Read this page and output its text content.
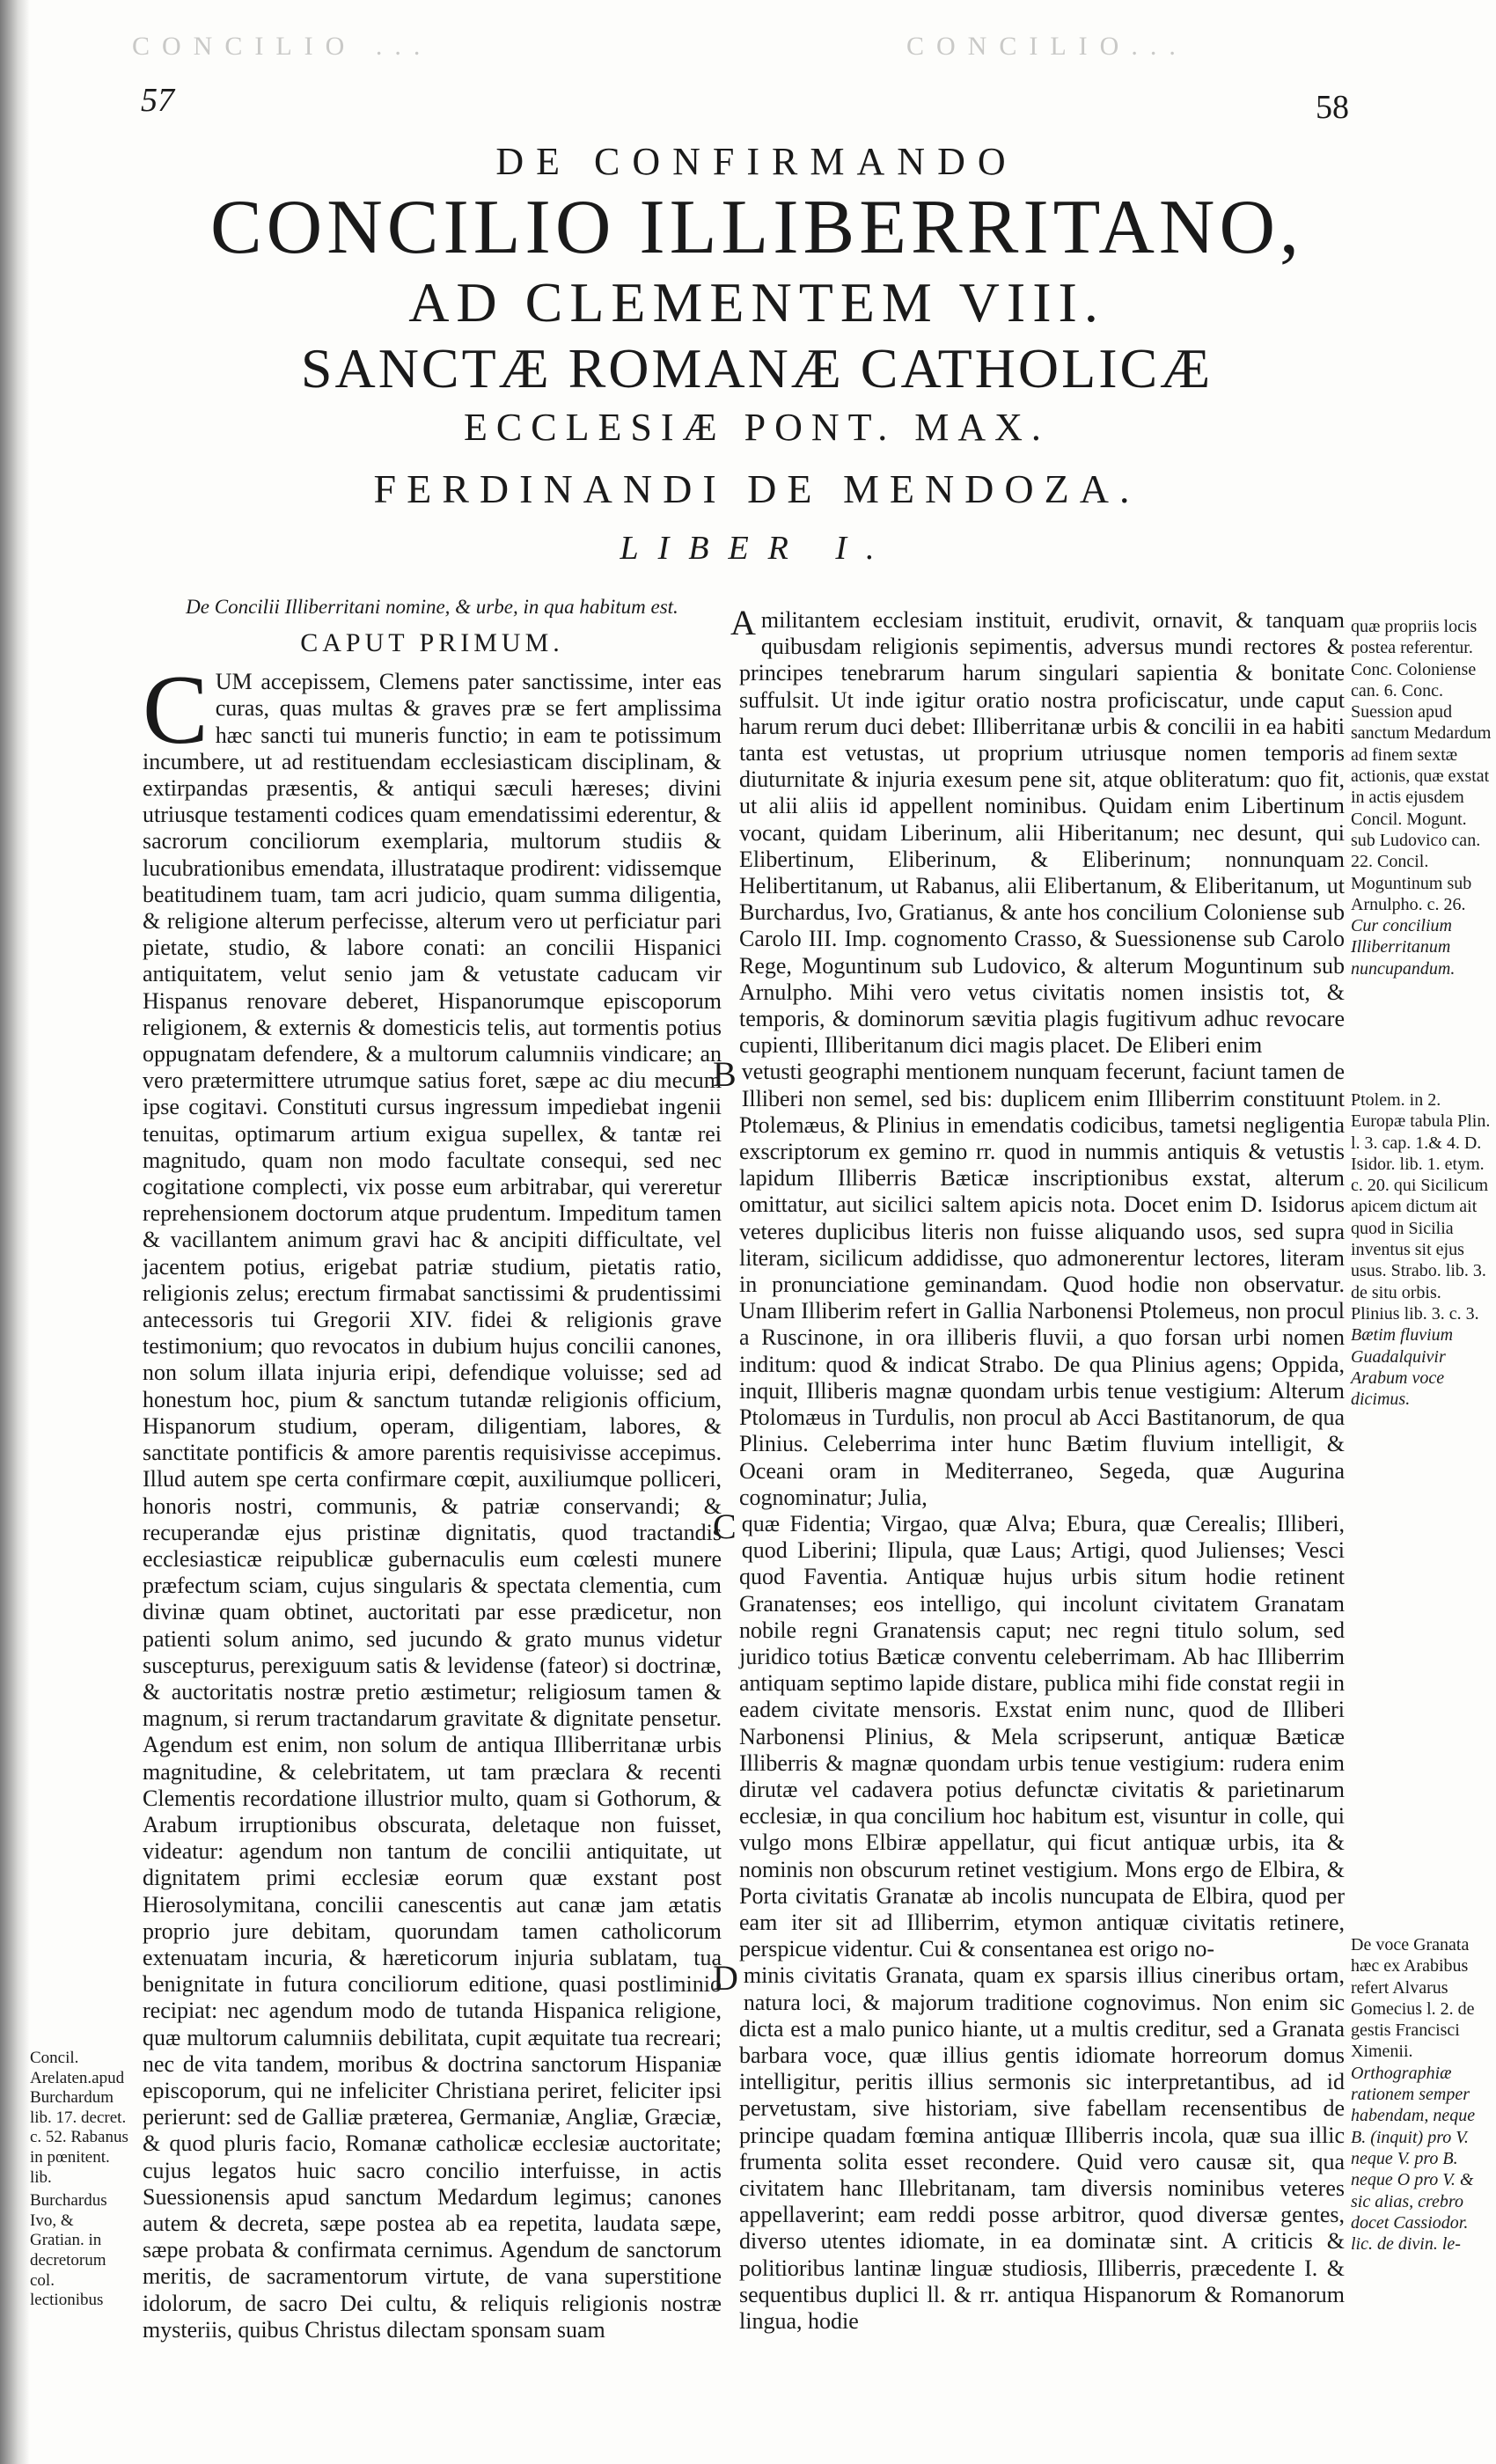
CONCILIO ...	CONCILIO...
57	58
DE CONFIRMANDO
CONCILIO ILLIBERRITANO,
AD CLEMENTEM VIII.
SANCTÆ ROMANÆ CATHOLICÆ
ECCLESIÆ PONT. MAX.
FERDINANDI DE MENDOZA.
LIBER I.
De Concilii Illiberritani nomine, & urbe, in qua habitum est.
CAPUT PRIMUM.

CUM accepissem, Clemens pater sanctissime, inter eas curas, quas multas & graves præ se fert amplissima hæc sancti tui muneris functio; in eam te potissimum incumbere, ut ad restituendam ecclesiasticam disciplinam, & extirpandas præsentis, & antiqui sæculi hæreses; divini utriusque testamenti codices quam emendatissimi ederentur, & sacrorum conciliorum exemplaria, multorum studiis & lucubrationibus emendata, illustrataque prodirent: vidissemque beatitudinem tuam, tam acri judicio, quam summa diligentia, & religione alterum perfecisse, alterum vero ut perficiatur pari pietate, studio, & labore conati: an concilii Hispanici antiquitatem, velut senio jam & vetustate caducam vir Hispanus renovare deberet, Hispanorumque episcoporum religionem, & externis & domesticis telis, aut tormentis potius oppugnatam defendere, & a multorum calumniis vindicare; an vero prætermittere utrumque satius foret, sæpe ac diu mecum ipse cogitavi. Constituti cursus ingressum impediebat ingenii tenuitas, optimarum artium exigua supellex, & tantæ rei magnitudo, quam non modo facultate consequi, sed nec cogitatione complecti, vix posse eum arbitrabar, qui vereretur reprehensionem doctorum atque prudentum. Impeditum tamen & vacillantem animum gravi hac & ancipiti difficultate, vel jacentem potius, erigebat patriæ studium, pietatis ratio, religionis zelus; erectum firmabat sanctissimi & prudentissimi antecessoris tui Gregorii XIV. fidei & religionis grave testimonium; quo revocatos in dubium hujus concilii canones, non solum illata injuria eripi, defendique voluisse; sed ad honestum hoc, pium & sanctum tutandæ religionis officium, Hispanorum studium, operam, diligentiam, labores, & sanctitate pontificis & amore parentis requisivisse accepimus. Illud autem spe certa confirmare cœpit, auxiliumque polliceri, honoris nostri, communis, & patriæ conservandi; & recuperandæ ejus pristinæ dignitatis, quod tractandis ecclesiasticæ reipublicæ gubernaculis eum cœlesti munere præfectum sciam, cujus singularis & spectata clementia, cum divinæ quam obtinet, auctoritati par esse prædicetur, non patienti solum animo, sed jucundo & grato munus videtur suscepturus, perexiguum satis & levidense (fateor) si doctrinæ, & auctoritatis nostræ pretio æstimetur; religiosum tamen & magnum, si rerum tractandarum gravitate & dignitate pensetur. Agendum est enim, non solum de antiqua Illiberritanæ urbis magnitudine, & celebritatem, ut tam præclara & recenti Clementis recordatione illustrior multo, quam si Gothorum, & Arabum irruptionibus obscurata, deletaque non fuisset, videatur: agendum non tantum de concilii antiquitate, ut dignitatem primi ecclesiæ eorum quæ exstant post Hierosolymitana, concilii canescentis aut canæ jam ætatis proprio jure debitam, quorundam tamen catholicorum extenuatam incuria, & hæreticorum injuria sublatam, tua benignitate in futura conciliorum editione, quasi postliminio recipiat: nec agendum modo de tutanda Hispanica religione, quæ multorum calumniis debilitata, cupit æquitate tua recreari; nec de vita tandem, moribus & doctrina sanctorum Hispaniæ episcoporum, qui ne infeliciter Christiana periret, feliciter ipsi perierunt: sed de Galliæ præterea, Germaniæ, Angliæ, Græciæ, & quod pluris facio, Romanæ catholicæ ecclesiæ auctoritate; cujus legatos huic sacro concilio interfuisse, in actis Suessionensis apud sanctum Medardum legimus; canones autem & decreta, sæpe postea ab ea repetita, laudata sæpe, sæpe probata & confirmata cernimus. Agendum de sanctorum meritis, de sacramentorum virtute, de vana superstitione idolorum, de sacro Dei cultu, & reliquis religionis nostræ mysteriis, quibus Christus dilectam sponsam suam

Concil. Arelaten.apud Burchardum lib. 17. decret. c. 52. Rabanus in pœnitent. lib.
Burchardus Ivo, & Gratian. in decretorum col. lectionibus

Amilitantem ecclesiam instituit, erudivit, ornavit, & tanquam quibusdam religionis sepimentis, adversus mundi rectores & principes tenebrarum harum singulari sapientia & bonitate suffulsit. Ut inde igitur oratio nostra proficiscatur, unde caput harum rerum duci debet: Illiberritanæ urbis & concilii in ea habiti tanta est vetustas, ut proprium utriusque nomen temporis diuturnitate & injuria exesum pene sit, atque obliteratum: quo fit, ut alii aliis id appellent nominibus. Quidam enim Libertinum vocant, quidam Liberinum, alii Hiberitanum; nec desunt, qui Elibertinum, Eliberinum, & Eliberinum; nonnunquam Helibertitanum, ut Rabanus, alii Elibertanum, & Eliberitanum, ut Burchardus, Ivo, Gratianus, & ante hos concilium Coloniense sub Carolo III. Imp. cognomento Crasso, & Suessionense sub Carolo Rege, Moguntinum sub Ludovico, & alterum Moguntinum sub Arnulpho. Mihi vero vetus civitatis nomen insistis tot, & temporis, & dominorum sævitia plagis fugitivum adhuc revocare cupienti, Illiberitanum dici magis placet. De Eliberi enim

Bvetusti geographi mentionem nunquam fecerunt, faciunt tamen de Illiberi non semel, sed bis: duplicem enim Illiberrim constituunt Ptolemæus, & Plinius in emendatis codicibus, tametsi negligentia exscriptorum ex gemino rr. quod in nummis antiquis & vetustis lapidum Illiberris Bæticæ inscriptionibus exstat, alterum omittatur, aut sicilici saltem apicis nota. Docet enim D. Isidorus veteres duplicibus literis non fuisse aliquando usos, sed supra literam, sicilicum addidisse, quo admonerentur lectores, literam in pronunciatione geminandam. Quod hodie non observatur. Unam Illiberim refert in Gallia Narbonensi Ptolemeus, non procul a Ruscinone, in ora illiberis fluvii, a quo forsan urbi nomen inditum: quod & indicat Strabo. De qua Plinius agens; Oppida, inquit, Illiberis magnæ quondam urbis tenue vestigium: Alterum Ptolomæus in Turdulis, non procul ab Acci Bastitanorum, de qua Plinius. Celeberrima inter hunc Bætim fluvium intelligit, & Oceani oram in Mediterraneo, Segeda, quæ Augurina cognominatur; Julia,

Cquæ Fidentia; Virgao, quæ Alva; Ebura, quæ Cerealis; Illiberi, quod Liberini; Ilipula, quæ Laus; Artigi, quod Julienses; Vesci quod Faventia. Antiquæ hujus urbis situm hodie retinent Granatenses; eos intelligo, qui incolunt civitatem Granatam nobile regni Granatensis caput; nec regni titulo solum, sed juridico totius Bæticæ conventu celeberrimam. Ab hac Illiberrim antiquam septimo lapide distare, publica mihi fide constat regii in eadem civitate mensoris. Exstat enim nunc, quod de Illiberi Narbonensi Plinius, & Mela scripserunt, antiquæ Bæticæ Illiberris & magnæ quondam urbis tenue vestigium: rudera enim dirutæ vel cadavera potius defunctæ civitatis & parietinarum ecclesiæ, in qua concilium hoc habitum est, visuntur in colle, qui vulgo mons Elbiræ appellatur, qui ficut antiquæ urbis, ita & nominis non obscurum retinet vestigium. Mons ergo de Elbira, & Porta civitatis Granatæ ab incolis nuncupata de Elbira, quod per eam iter sit ad Illiberrim, etymon antiquæ civitatis retinere, perspicue videntur. Cui & consentanea est origo no-

Dminis civitatis Granata, quam ex sparsis illius cineribus ortam, natura loci, & majorum traditione cognovimus. Non enim sic dicta est a malo punico hiante, ut a multis creditur, sed a Granata barbara voce, quæ illius gentis idiomate horreorum domus intelligitur, peritis illius sermonis sic interpretantibus, ad id pervetustam, sive historiam, sive fabellam recensentibus de principe quadam fœmina antiquæ Illiberris incola, quæ sua illic frumenta solita esset recondere. Quid vero causæ sit, qua civitatem hanc Illebritanam, tam diversis nominibus veteres appellaverint; eam reddi posse arbitror, quod diversæ gentes, diverso utentes idiomate, in ea dominatæ sint. A criticis & politioribus lantinæ linguæ studiosis, Illiberris, præcedente I. & sequentibus duplici ll. & rr. antiqua Hispanorum & Romanorum lingua, hodie

quæ propriis locis postea referentur. Conc. Coloniense can. 6. Conc. Suession apud sanctum Medardum ad finem sextæ actionis, quæ exstat in actis ejusdem Concil. Mogunt. sub Ludovico can. 22. Concil. Moguntinum sub Arnulpho. c. 26. Cur concilium Illiberritanum nuncupandum.
Ptolem. in 2. Europæ tabula Plin. l. 3. cap. 1.& 4. D. Isidor. lib. 1. etym. c. 20. qui Sicilicum apicem dictum ait quod in Sicilia inventus sit ejus usus. Strabo. lib. 3. de situ orbis. Plinius lib. 3. c. 3. Bætim fluvium Guadalquivir Arabum voce dicimus.
De voce Granata hæc ex Arabibus refert Alvarus Gomecius l. 2. de gestis Francisci Ximenii. Orthographiæ rationem semper habendam, neque B. (inquit) pro V. neque V. pro B. neque O pro V. & sic alias, crebro docet Cassiodor. lic. de divin. le-
